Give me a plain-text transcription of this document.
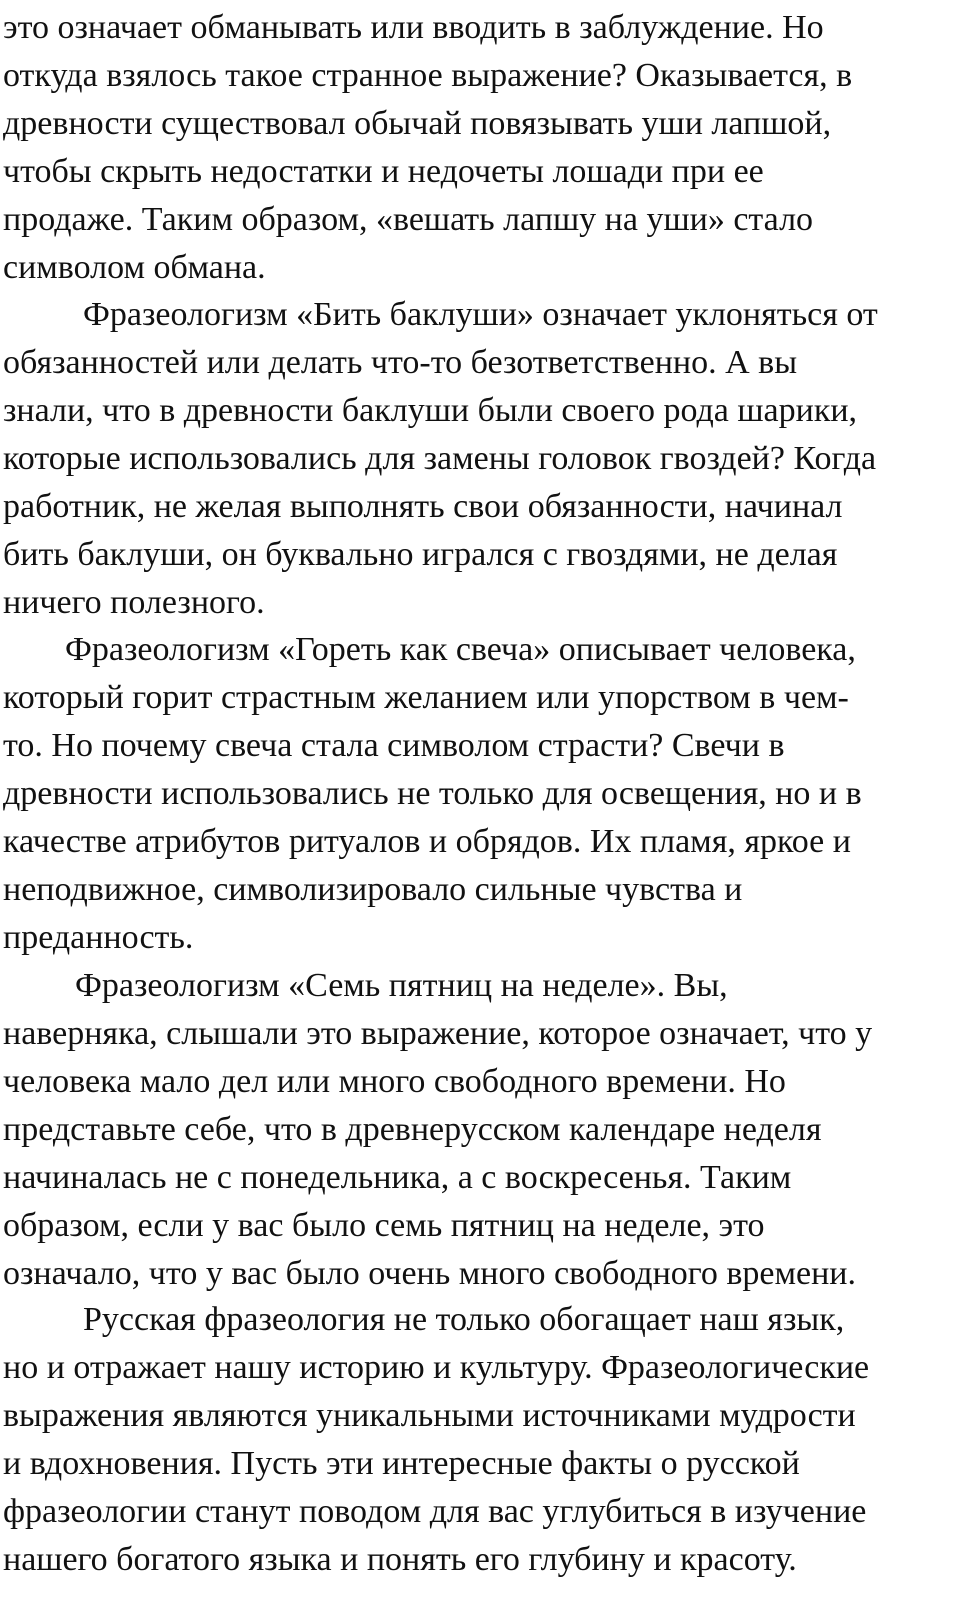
это означает обманывать или вводить в заблуждение. Но
откуда взялось такое странное выражение? Оказывается, в
древности существовал обычай повязывать уши лапшой,
чтобы скрыть недостатки и недочеты лошади при ее
продаже. Таким образом, «вешать лапшу на уши» стало
символом обмана.
Фразеологизм «Бить баклуши» означает уклоняться от
обязанностей или делать что-то безответственно. А вы
знали, что в древности баклуши были своего рода шарики,
которые использовались для замены головок гвоздей? Когда
работник, не желая выполнять свои обязанности, начинал
бить баклуши, он буквально игрался с гвоздями, не делая
ничего полезного.
Фразеологизм «Гореть как свеча» описывает человека,
который горит страстным желанием или упорством в чем-
то. Но почему свеча стала символом страсти? Свечи в
древности использовались не только для освещения, но и в
качестве атрибутов ритуалов и обрядов. Их пламя, яркое и
неподвижное, символизировало сильные чувства и
преданность.
Фразеологизм «Семь пятниц на неделе». Вы,
наверняка, слышали это выражение, которое означает, что у
человека мало дел или много свободного времени. Но
представьте себе, что в древнерусском календаре неделя
начиналась не с понедельника, а с воскресенья. Таким
образом, если у вас было семь пятниц на неделе, это
означало, что у вас было очень много свободного времени.
Русская фразеология не только обогащает наш язык,
но и отражает нашу историю и культуру. Фразеологические
выражения являются уникальными источниками мудрости
и вдохновения. Пусть эти интересные факты о русской
фразеологии станут поводом для вас углубиться в изучение
нашего богатого языка и понять его глубину и красоту.
